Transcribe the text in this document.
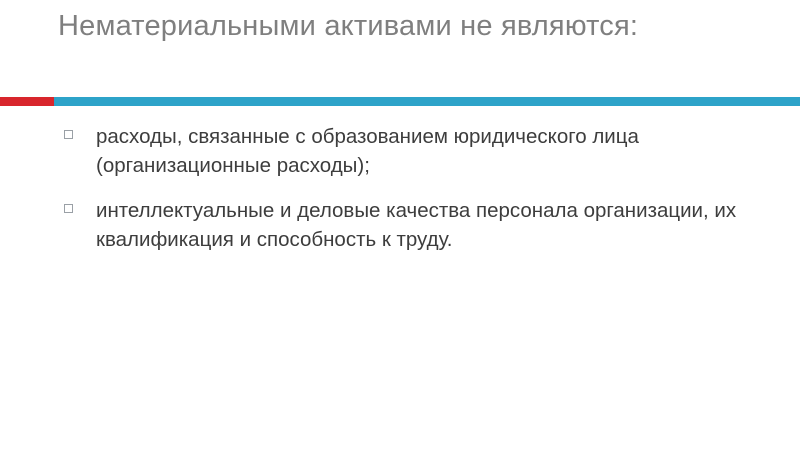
Нематериальными активами не являются:
расходы, связанные с образованием юридического лица (организационные расходы);
интеллектуальные и деловые качества персонала организации, их квалификация и способность к труду.
